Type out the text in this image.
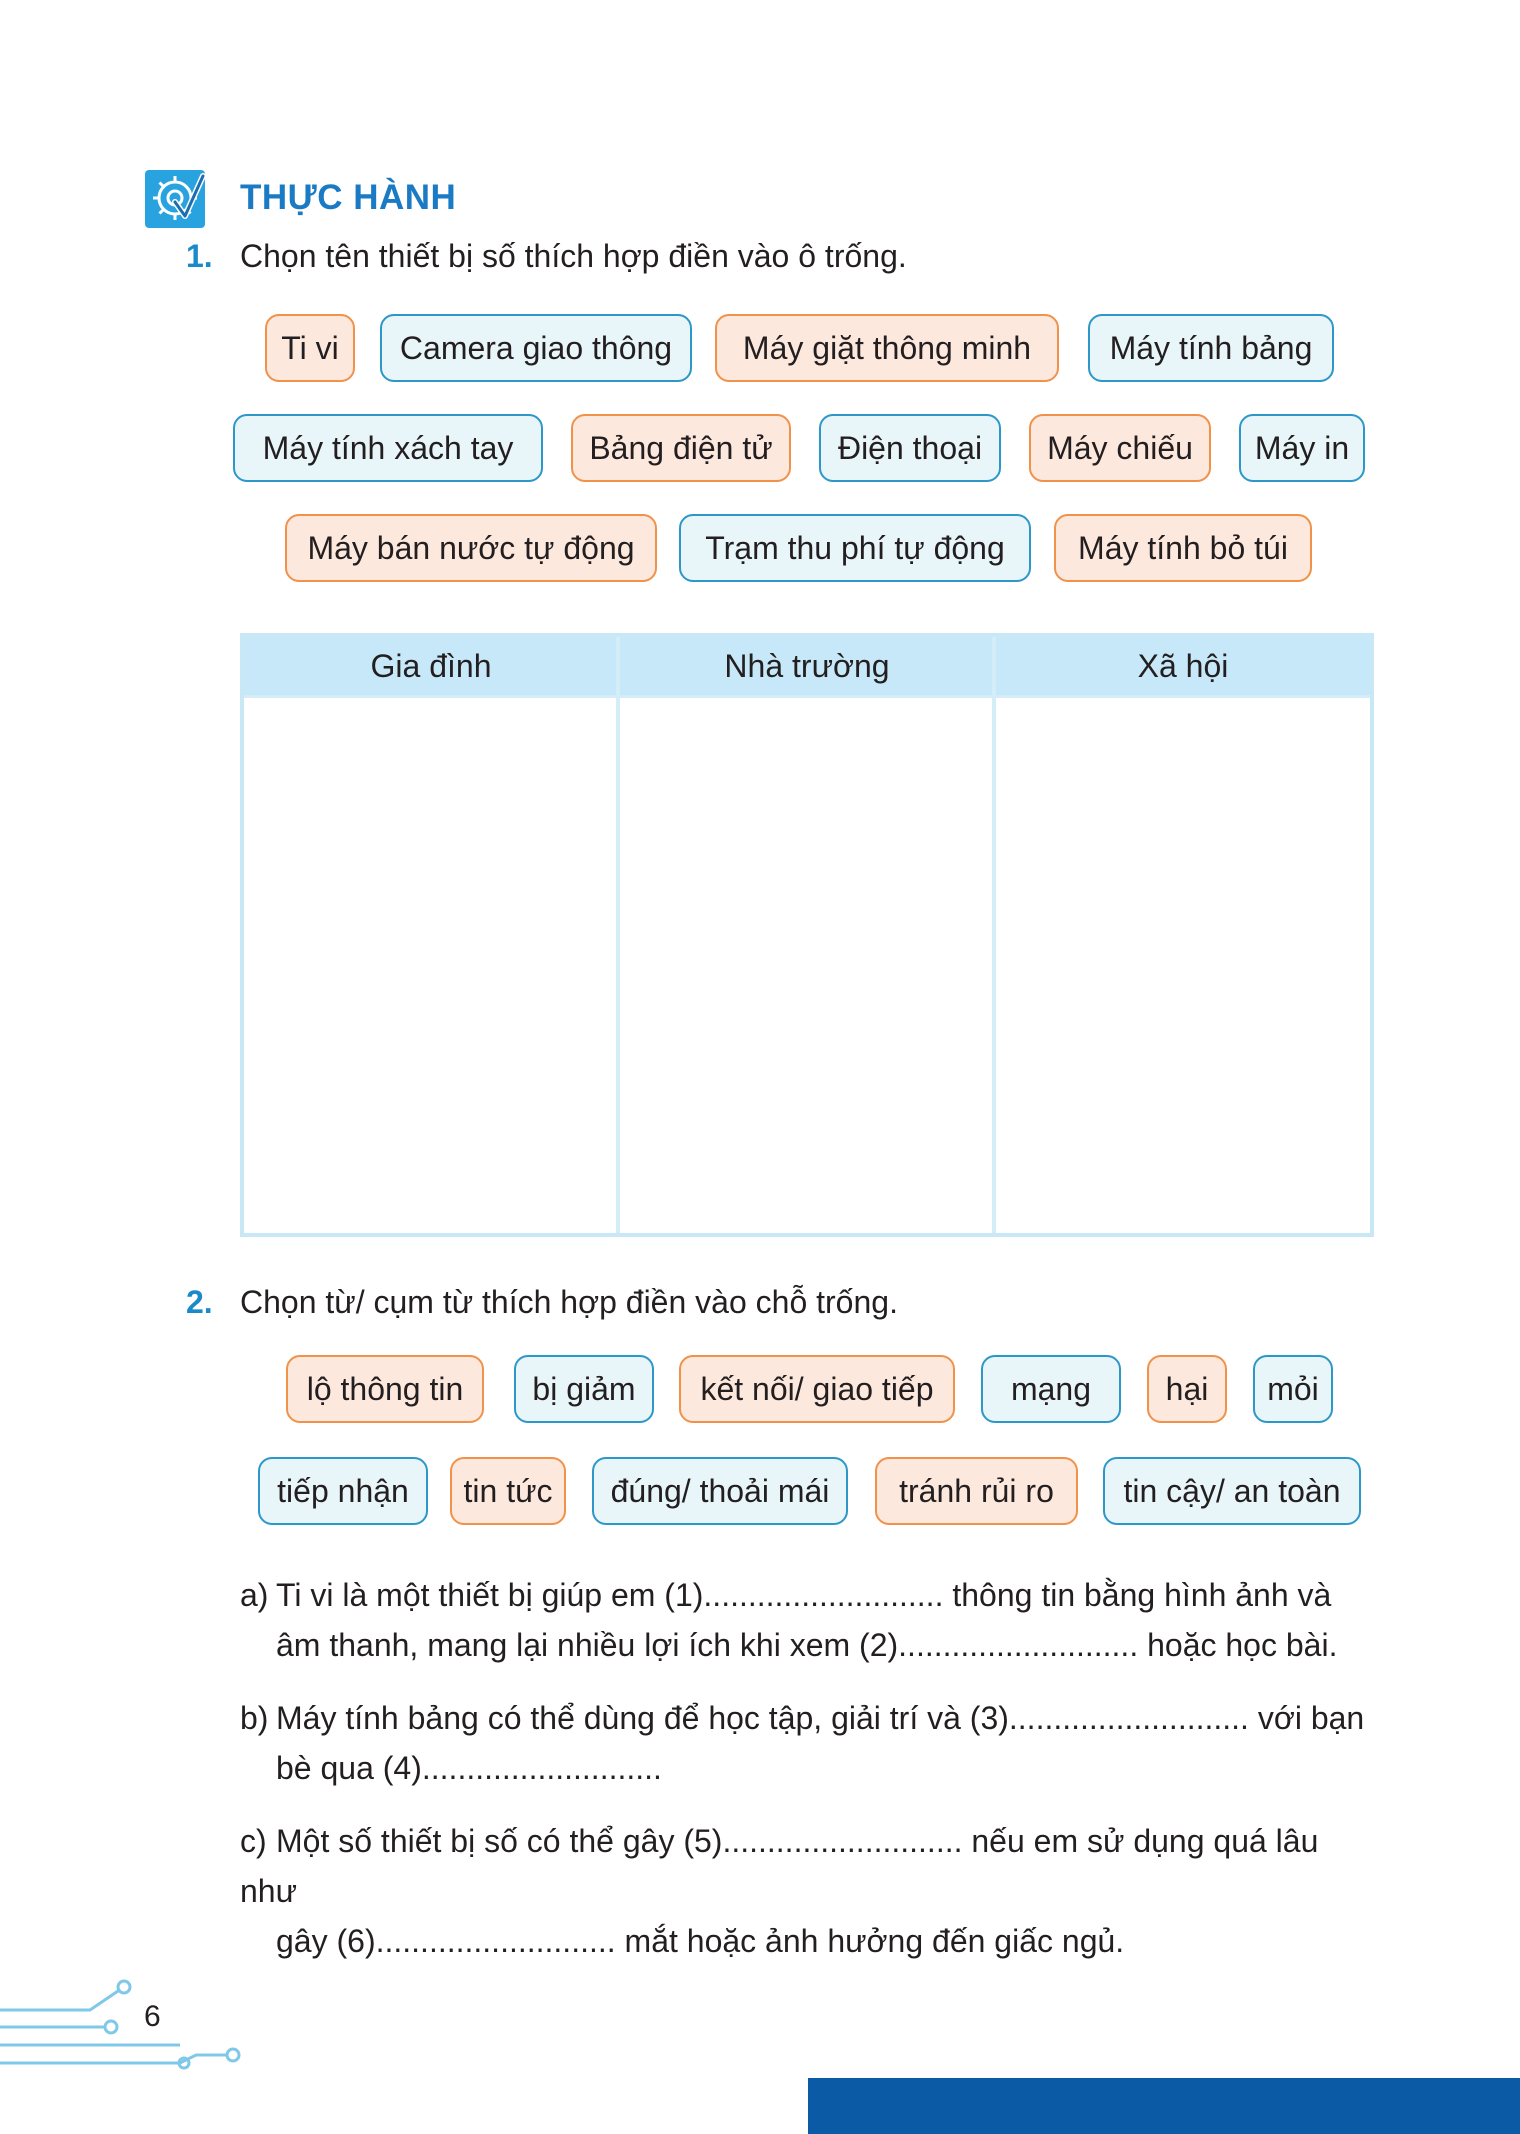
THỰC HÀNH
1. Chọn tên thiết bị số thích hợp điền vào ô trống.
Ti vi	Camera giao thông	Máy giặt thông minh	Máy tính bảng
Máy tính xách tay	Bảng điện tử	Điện thoại	Máy chiếu	Máy in
Máy bán nước tự động	Trạm thu phí tự động	Máy tính bỏ túi
Gia đình	Nhà trường	Xã hội
2. Chọn từ/ cụm từ thích hợp điền vào chỗ trống.
lộ thông tin	bị giảm	kết nối/ giao tiếp	mạng	hại	mỏi
tiếp nhận	tin tức	đúng/ thoải mái	tránh rủi ro	tin cậy/ an toàn
a) Ti vi là một thiết bị giúp em (1)........................... thông tin bằng hình ảnh và
âm thanh, mang lại nhiều lợi ích khi xem (2)........................... hoặc học bài.
b) Máy tính bảng có thể dùng để học tập, giải trí và (3)........................... với bạn
bè qua (4)...........................
c) Một số thiết bị số có thể gây (5)........................... nếu em sử dụng quá lâu như
gây (6)........................... mắt hoặc ảnh hưởng đến giấc ngủ.
6
